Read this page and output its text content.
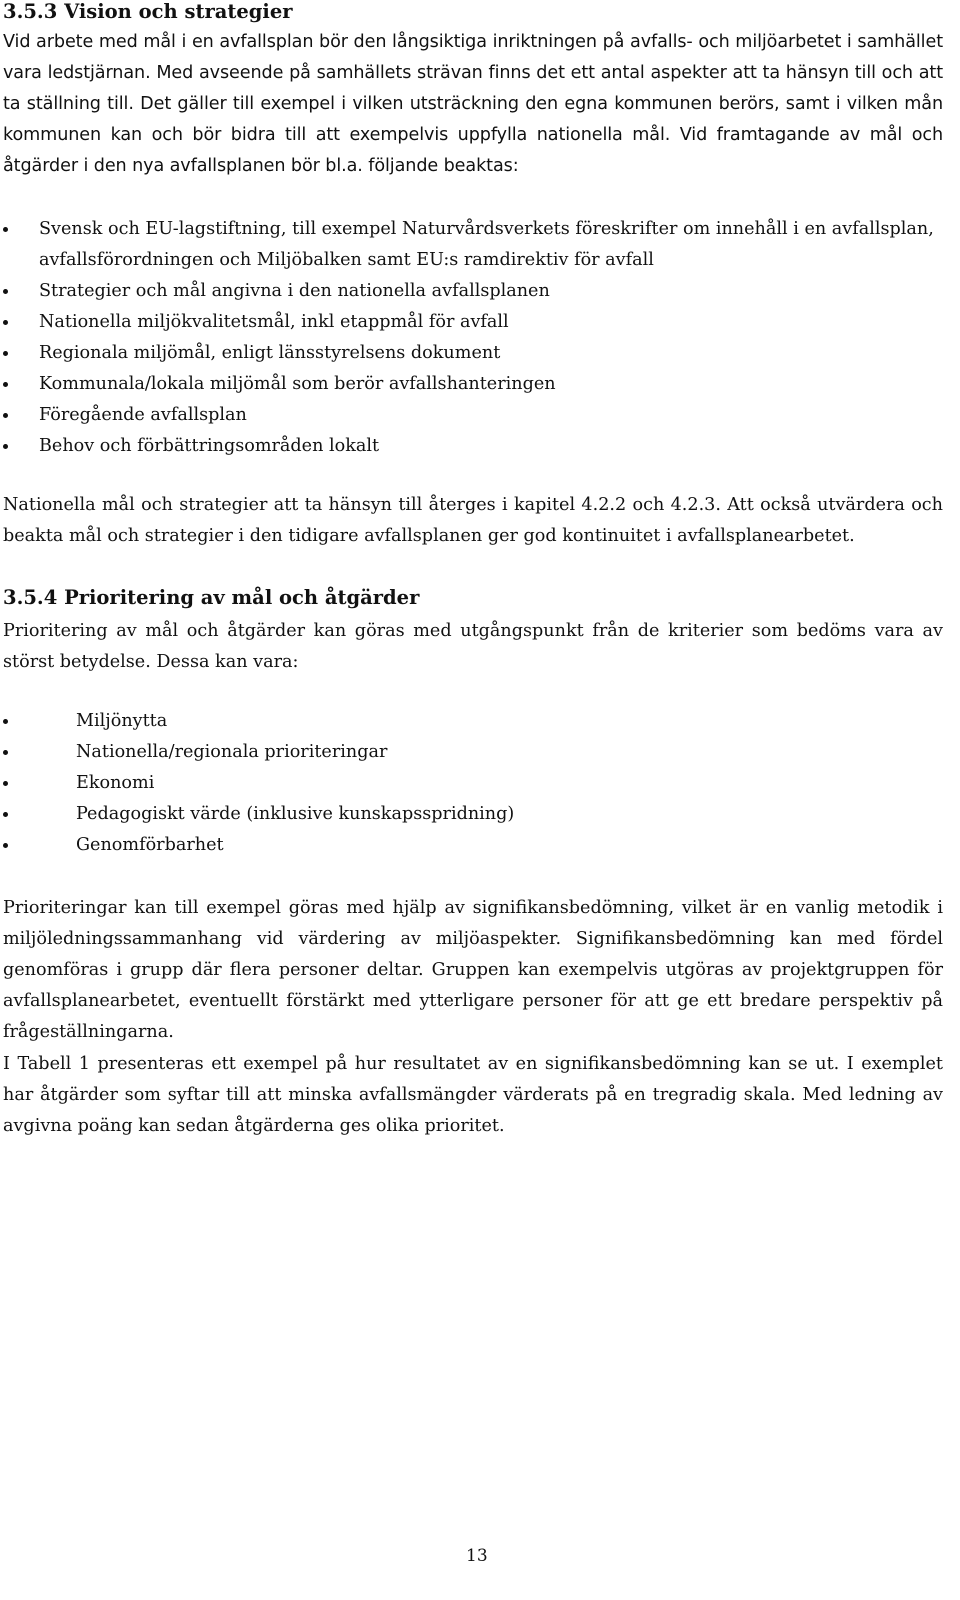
3.5.3 Vision och strategier

Vid arbete med mål i en avfallsplan bör den långsiktiga inriktningen på avfalls- och miljöarbetet i samhället vara ledstjärnan. Med avseende på samhällets strävan finns det ett antal aspekter att ta hänsyn till och att ta ställning till. Det gäller till exempel i vilken utsträckning den egna kommunen berörs, samt i vilken mån kommunen kan och bör bidra till att exempelvis uppfylla nationella mål. Vid framtagande av mål och åtgärder i den nya avfallsplanen bör bl.a. följande beaktas:

Svensk och EU-lagstiftning, till exempel Naturvårdsverkets föreskrifter om innehåll i en avfallsplan, avfallsförordningen och Miljöbalken samt EU:s ramdirektiv för avfall
Strategier och mål angivna i den nationella avfallsplanen
Nationella miljökvalitetsmål, inkl etappmål för avfall
Regionala miljömål, enligt länsstyrelsens dokument
Kommunala/lokala miljömål som berör avfallshanteringen
Föregående avfallsplan
Behov och förbättringsområden lokalt

Nationella mål och strategier att ta hänsyn till återges i kapitel 4.2.2 och 4.2.3. Att också utvärdera och beakta mål och strategier i den tidigare avfallsplanen ger god kontinuitet i avfallsplanearbetet.

3.5.4 Prioritering av mål och åtgärder

Prioritering av mål och åtgärder kan göras med utgångspunkt från de kriterier som bedöms vara av störst betydelse. Dessa kan vara:

Miljönytta
Nationella/regionala prioriteringar
Ekonomi
Pedagogiskt värde (inklusive kunskapsspridning)
Genomförbarhet

Prioriteringar kan till exempel göras med hjälp av signifikansbedömning, vilket är en vanlig metodik i miljöledningssammanhang vid värdering av miljöaspekter. Signifikansbedömning kan med fördel genomföras i grupp där flera personer deltar. Gruppen kan exempelvis utgöras av projektgruppen för avfallsplanearbetet, eventuellt förstärkt med ytterligare personer för att ge ett bredare perspektiv på frågeställningarna.

I Tabell 1 presenteras ett exempel på hur resultatet av en signifikansbedömning kan se ut. I exemplet har åtgärder som syftar till att minska avfallsmängder värderats på en tregradig skala. Med ledning av avgivna poäng kan sedan åtgärderna ges olika prioritet.

13
